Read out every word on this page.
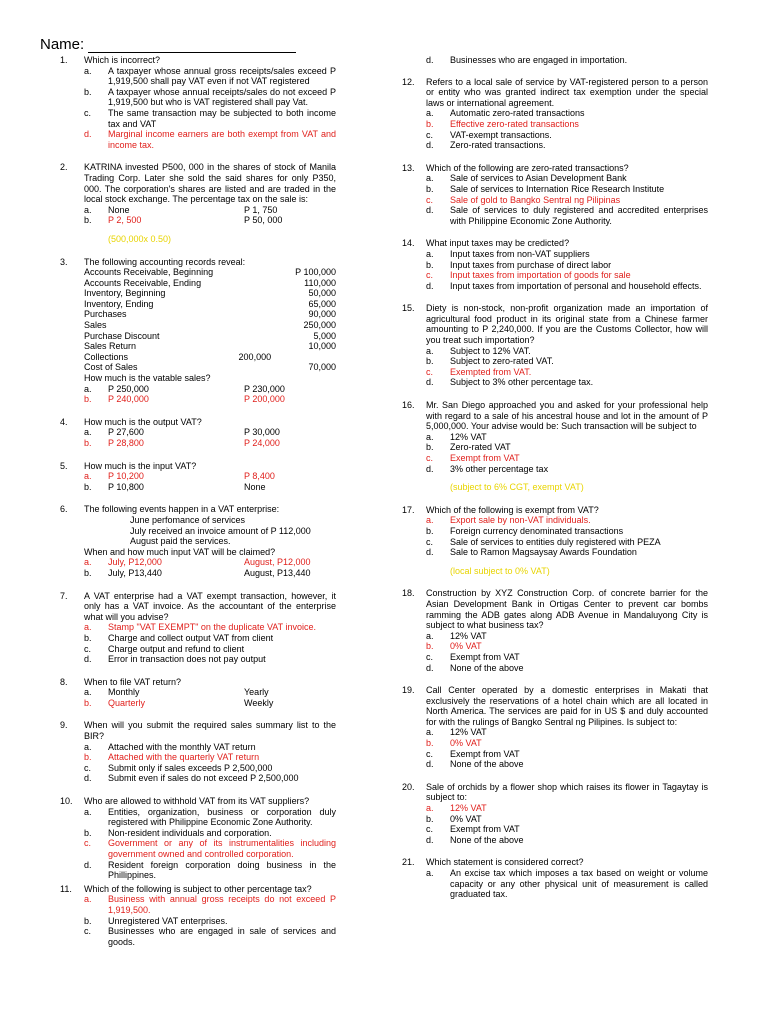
Name:
1. Which is incorrect?
a. A taxpayer whose annual gross receipts/sales exceed P 1,919,500 shall pay VAT even if not VAT registered
b. A taxpayer whose annual receipts/sales do not exceed P 1,919,500 but who is VAT registered shall pay Vat.
c. The same transaction may be subjected to both income tax and VAT
d. Marginal income earners are both exempt from VAT and income tax.
2. KATRINA invested P500, 000 in the shares of stock of Manila Trading Corp. Later she sold the said shares for only P350, 000. The corporation's shares are listed and are traded in the local stock exchange. The percentage tax on the sale is:
a. None	P 1, 750
b. P 2, 500	P 50, 000
(500,000x 0.50)
3. The following accounting records reveal:
Accounts Receivable, Beginning	P 100,000
Accounts Receivable, Ending	110,000
Inventory, Beginning	50,000
Inventory, Ending	65,000
Purchases	90,000
Sales	250,000
Purchase Discount	5,000
Sales Return	10,000
Collections	200,000
Cost of Sales	70,000
How much is the vatable sales?
a. P 250,000	P 230,000
b. P 240,000	P 200,000
4. How much is the output VAT?
a. P 27,600	P 30,000
b. P 28,800	P 24,000
5. How much is the input VAT?
a. P 10,200	P 8,400
b. P 10,800	None
6. The following events happen in a VAT enterprise:
June perfomance of services
July received an invoice amount of P 112,000
August paid the services.
When and how much input VAT will be claimed?
a. July, P12,000	August, P12,000
b. July, P13,440	August, P13,440
7. A VAT enterprise had a VAT exempt transaction, however, it only has a VAT invoice. As the accountant of the enterprise what will you advise?
a. Stamp "VAT EXEMPT" on the duplicate VAT invoice.
b. Charge and collect output VAT from client
c. Charge output and refund to client
d. Error in transaction does not pay output
8. When to file VAT return?
a. Monthly	Yearly
b. Quarterly	Weekly
9. When will you submit the required sales summary list to the BIR?
a. Attached with the monthly VAT return
b. Attached with the quarterly VAT return
c. Submit only if sales exceeds P 2,500,000
d. Submit even if sales do not exceed P 2,500,000
10. Who are allowed to withhold VAT from its VAT suppliers?
a. Entities, organization, business or corporation duly registered with Philippine Economic Zone Authority.
b. Non-resident individuals and corporation.
c. Government or any of its instrumentalities including government owned and controlled corporation.
d. Resident foreign corporation doing business in the Phillippines.
11. Which of the following is subject to other percentage tax?
a. Business with annual gross receipts do not exceed P 1,919,500.
b. Unregistered VAT enterprises.
c. Businesses who are engaged in sale of services and goods.
d. Businesses who are engaged in importation.
12. Refers to a local sale of service by VAT-registered person to a person or entity who was granted indirect tax exemption under the special laws or international agreement.
a. Automatic zero-rated transactions
b. Effective zero-rated transactions
c. VAT-exempt transactions.
d. Zero-rated transactions.
13. Which of the following are zero-rated transactions?
a. Sale of services to Asian Development Bank
b. Sale of services to Internation Rice Research Institute
c. Sale of gold to Bangko Sentral ng Pilipinas
d. Sale of services to duly registered and accredited enterprises with Philippine Economic Zone Authority.
14. What input taxes may be credicted?
a. Input taxes from non-VAT suppliers
b. Input taxes from purchase of direct labor
c. Input taxes from importation of goods for sale
d. Input taxes from importation of personal and household effects.
15. Diety is non-stock, non-profit organization made an importation of agricultural food product in its original state from a Chinese farmer amounting to P 2,240,000. If you are the Customs Collector, how will you treat such importation?
a. Subject to 12% VAT.
b. Subject to zero-rated VAT.
c. Exempted from VAT.
d. Subject to 3% other percentage tax.
16. Mr. San Diego approached you and asked for your professional help with regard to a sale of his ancestral house and lot in the amount of P 5,000,000. Your advise would be: Such transaction will be subject to
a. 12% VAT
b. Zero-rated VAT
c. Exempt from VAT
d. 3% other percentage tax
(subject to 6% CGT, exempt VAT)
17. Which of the following is exempt from VAT?
a. Export sale by non-VAT individuals.
b. Foreign currency denominated transactions
c. Sale of services to entities duly registered with PEZA
d. Sale to Ramon Magsaysay Awards Foundation
(local subject to 0% VAT)
18. Construction by XYZ Construction Corp. of concrete barrier for the Asian Development Bank in Ortigas Center to prevent car bombs ramming the ADB gates along ADB Avenue in Mandaluyong City is subject to what business tax?
a. 12% VAT
b. 0% VAT
c. Exempt from VAT
d. None of the above
19. Call Center operated by a domestic enterprises in Makati that exclusively the reservations of a hotel chain which are all located in North America. The services are paid for in US $ and duly accounted for with the rulings of Bangko Sentral ng Pilipines. Is subject to:
a. 12% VAT
b. 0% VAT
c. Exempt from VAT
d. None of the above
20. Sale of orchids by a flower shop which raises its flower in Tagaytay is subject to:
a. 12% VAT
b. 0% VAT
c. Exempt from VAT
d. None of the above
21. Which statement is considered correct?
a. An excise tax which imposes a tax based on weight or volume capacity or any other physical unit of measurement is called graduated tax.
